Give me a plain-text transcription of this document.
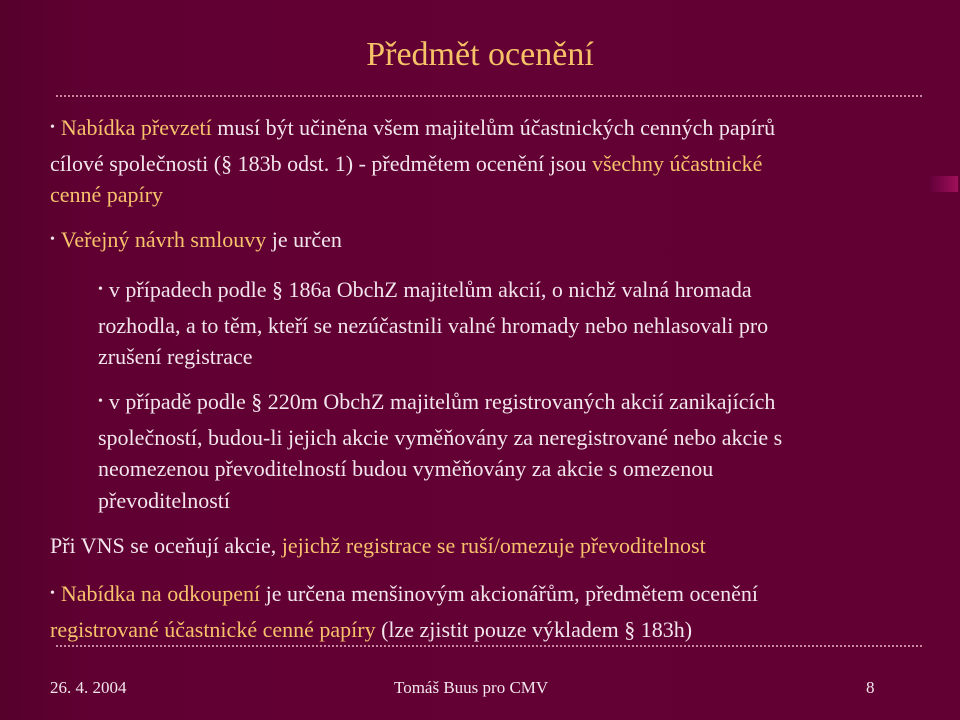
Předmět ocenění
• Nabídka převzetí musí být učiněna všem majitelům účastnických cenných papírů
cílové společnosti (§ 183b odst. 1) - předmětem ocenění jsou všechny účastnické
cenné papíry
• Veřejný návrh smlouvy je určen
• v případech podle § 186a ObchZ majitelům akcií, o nichž valná hromada
rozhodla, a to těm, kteří se nezúčastnili valné hromady nebo nehlasovali pro
zrušení registrace
• v případě podle § 220m ObchZ majitelům registrovaných akcií zanikajících
společností, budou-li jejich akcie vyměňovány za neregistrované nebo akcie s
neomezenou převoditelností budou vyměňovány za akcie s omezenou
převoditelností
Při VNS se oceňují akcie, jejichž registrace se ruší/omezuje převoditelnost
• Nabídka na odkoupení je určena menšinovým akcionářům, předmětem ocenění
registrované účastnické cenné papíry (lze zjistit pouze výkladem § 183h)
26. 4. 2004	Tomáš Buus pro CMV	8
